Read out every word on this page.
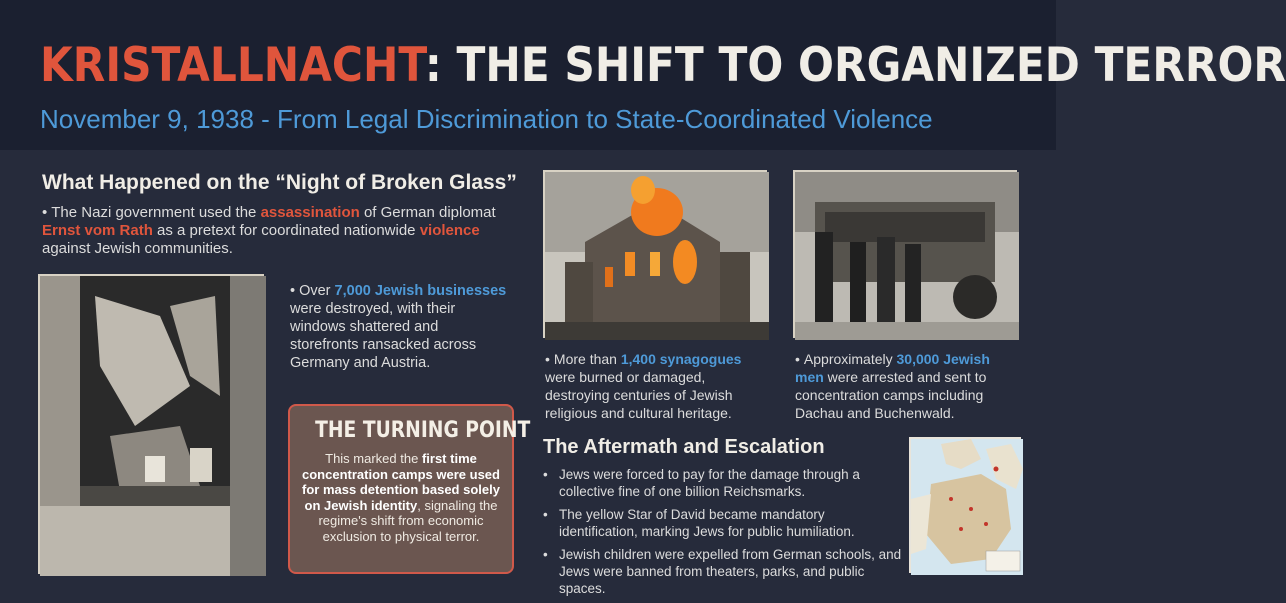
KRISTALLNACHT: THE SHIFT TO ORGANIZED TERROR
November 9, 1938 - From Legal Discrimination to State-Coordinated Violence
What Happened on the “Night of Broken Glass”
• The Nazi government used the assassination of German diplomat Ernst vom Rath as a pretext for coordinated nationwide violence against Jewish communities.
• Over 7,000 Jewish businesses were destroyed, with their windows shattered and storefronts ransacked across Germany and Austria.
THE TURNING POINT
This marked the first time concentration camps were used for mass detention based solely on Jewish identity, signaling the regime's shift from economic exclusion to physical terror.
• More than 1,400 synagogues were burned or damaged, destroying centuries of Jewish religious and cultural heritage.
• Approximately 30,000 Jewish men were arrested and sent to concentration camps including Dachau and Buchenwald.
The Aftermath and Escalation
• Jews were forced to pay for the damage through a collective fine of one billion Reichsmarks.
• The yellow Star of David became mandatory identification, marking Jews for public humiliation.
• Jewish children were expelled from German schools, and Jews were banned from theaters, parks, and public spaces.
